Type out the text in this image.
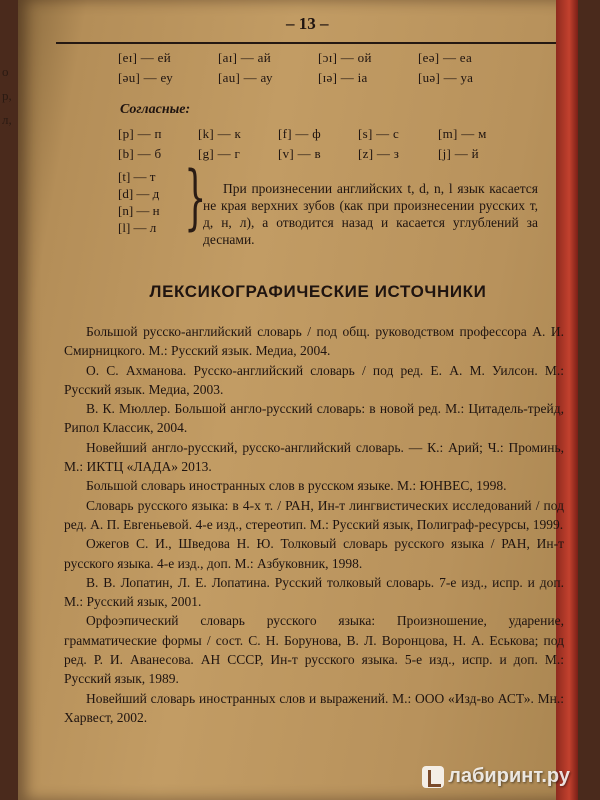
– 13 –
[eɪ] — ей	[aɪ] — ай	[ɔɪ] — ой	[eə] — еа
[əu] — еу	[au] — ау	[ɪə] — іа	[uə] — уа
Согласные:
[p] — п	[k] — к	[f] — ф	[s] — с	[m] — м
[b] — б	[g] — г	[v] — в	[z] — з	[j] — й
[t] — т
[d] — д
[n] — н
[l] — л }	При произнесении английских t, d, n, l язык касается не края верхних зубов (как при произнесении русских т, д, н, л), а отводится назад и касается углублений за деснами.

ЛЕКСИКОГРАФИЧЕСКИЕ ИСТОЧНИКИ

Большой русско-английский словарь / под общ. руководством профессора А. И. Смирницкого. М.: Русский язык. Медиа, 2004.

О. С. Ахманова. Русско-английский словарь / под ред. Е. А. М. Уилсон. М.: Русский язык. Медиа, 2003.

В. К. Мюллер. Большой англо-русский словарь: в новой ред. М.: Цитадель-трейд, Рипол Классик, 2004.

Новейший англо-русский, русско-английский словарь. — К.: Арий; Ч.: Проминь, М.: ИКТЦ «ЛАДА» 2013.

Большой словарь иностранных слов в русском языке. М.: ЮНВЕС, 1998.

Словарь русского языка: в 4-х т. / РАН, Ин-т лингвистических исследований / под ред. А. П. Евгеньевой. 4-е изд., стереотип. М.: Русский язык, Полиграф-ресурсы, 1999.

Ожегов С. И., Шведова Н. Ю. Толковый словарь русского языка / РАН, Ин-т русского языка. 4-е изд., доп. М.: Азбуковник, 1998.

В. В. Лопатин, Л. Е. Лопатина. Русский толковый словарь. 7-е изд., испр. и доп. М.: Русский язык, 2001.

Орфоэпический словарь русского языка: Произношение, ударение, грамматические формы / сост. С. Н. Борунова, В. Л. Воронцова, Н. А. Еськова; под ред. Р. И. Аванесова. АН СССР, Ин-т русского языка. 5-е изд., испр. и доп. М.: Русский язык, 1989.

Новейший словарь иностранных слов и выражений. М.: ООО «Изд-во АСТ». Мн.: Харвест, 2002.

о
р,
л,
лабиринт.ру
